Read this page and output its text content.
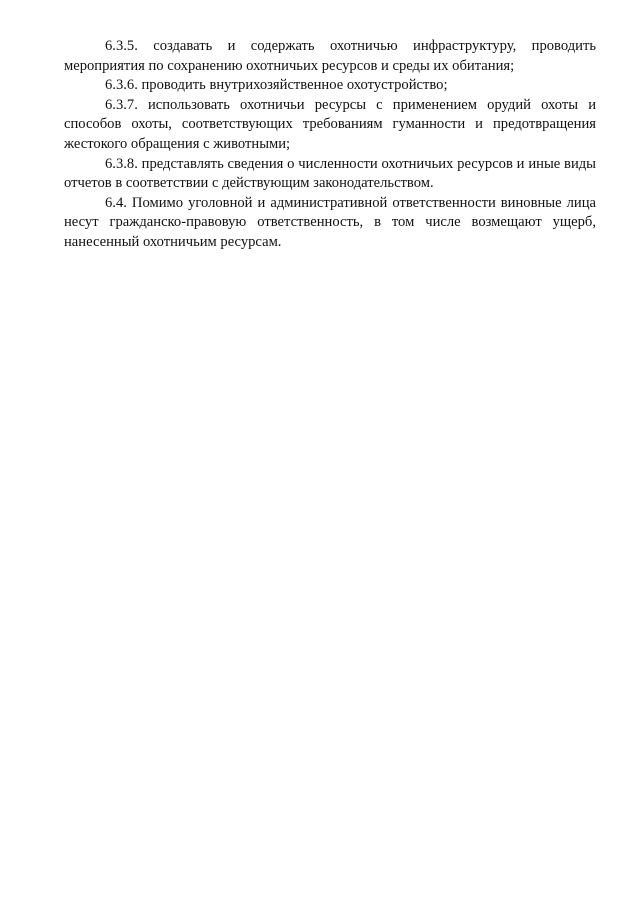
6.3.5. создавать и содержать охотничью инфраструктуру, проводить мероприятия по сохранению охотничьих ресурсов и среды их обитания;

6.3.6. проводить внутрихозяйственное охотустройство;

6.3.7. использовать охотничьи ресурсы с применением орудий охоты и способов охоты, соответствующих требованиям гуманности и предотвращения жестокого обращения с животными;

6.3.8. представлять сведения о численности охотничьих ресурсов и иные виды отчетов в соответствии с действующим законодательством.

6.4. Помимо уголовной и административной ответственности виновные лица несут гражданско-правовую ответственность, в том числе возмещают ущерб, нанесенный охотничьим ресурсам.
